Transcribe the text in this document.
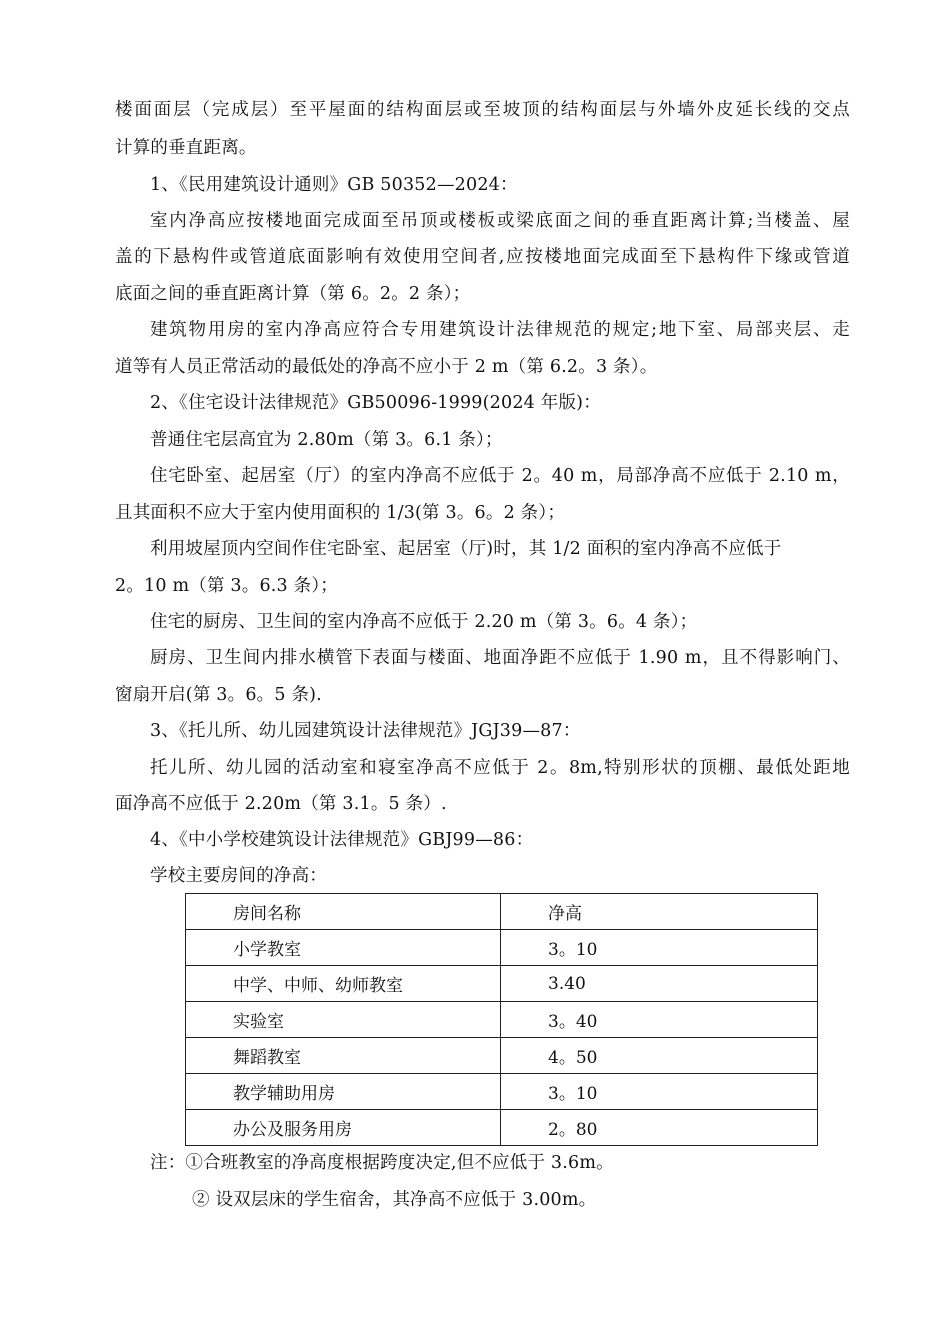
楼面面层（完成层）至平屋面的结构面层或至坡顶的结构面层与外墙外皮延长线的交点
计算的垂直距离。
1、《民用建筑设计通则》GB 50352—2024：
室内净高应按楼地面完成面至吊顶或楼板或梁底面之间的垂直距离计算;当楼盖、屋
盖的下悬构件或管道底面影响有效使用空间者,应按楼地面完成面至下悬构件下缘或管道
底面之间的垂直距离计算（第 6。2。2 条）；
建筑物用房的室内净高应符合专用建筑设计法律规范的规定;地下室、局部夹层、走
道等有人员正常活动的最低处的净高不应小于 2 m（第 6.2。3 条）。
2、《住宅设计法律规范》GB50096-1999(2024 年版)：
普通住宅层高宜为 2.80m（第 3。6.1 条）；
住宅卧室、起居室（厅）的室内净高不应低于 2。40 m，局部净高不应低于 2.10 m，
且其面积不应大于室内使用面积的 1/3(第 3。6。2 条）；
利用坡屋顶内空间作住宅卧室、起居室（厅)时，其 1/2 面积的室内净高不应低于
2。10 m（第 3。6.3 条）；
住宅的厨房、卫生间的室内净高不应低于 2.20 m（第 3。6。4 条）；
厨房、卫生间内排水横管下表面与楼面、地面净距不应低于 1.90 m，且不得影响门、
窗扇开启(第 3。6。5 条).
3、《托儿所、幼儿园建筑设计法律规范》JGJ39—87：
托儿所、幼儿园的活动室和寝室净高不应低于 2。8m,特别形状的顶棚、最低处距地
面净高不应低于 2.20m（第 3.1。5 条）.
4、《中小学校建筑设计法律规范》GBJ99—86：
学校主要房间的净高：
房间名称	净高
小学教室	3。10
中学、中师、幼师教室	3.40
实验室	3。40
舞蹈教室	4。50
教学辅助用房	3。10
办公及服务用房	2。80
注：①合班教室的净高度根据跨度决定,但不应低于 3.6m。
② 设双层床的学生宿舍，其净高不应低于 3.00m。
